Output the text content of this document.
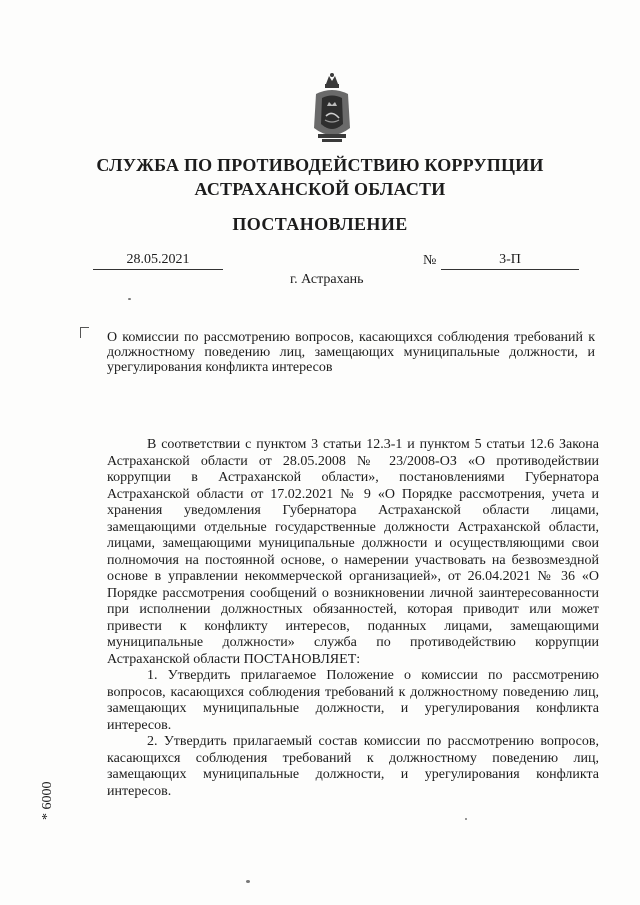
СЛУЖБА ПО ПРОТИВОДЕЙСТВИЮ КОРРУПЦИИ
АСТРАХАНСКОЙ ОБЛАСТИ
ПОСТАНОВЛЕНИЕ
28.05.2021	№	3-П
г. Астрахань
О комиссии по рассмотрению вопросов, касающихся соблюдения требований к должностному поведению лиц, замещающих муниципальные должности, и урегулирования конфликта интересов

В соответствии с пунктом 3 статьи 12.3-1 и пунктом 5 статьи 12.6 Закона Астраханской области от 28.05.2008 № 23/2008-ОЗ «О противодействии коррупции в Астраханской области», постановлениями Губернатора Астраханской области от 17.02.2021 № 9 «О Порядке рассмотрения, учета и хранения уведомления Губернатора Астраханской области лицами, замещающими отдельные государственные должности Астраханской области, лицами, замещающими муниципальные должности и осуществляющими свои полномочия на постоянной основе, о намерении участвовать на безвозмездной основе в управлении некоммерческой организацией», от 26.04.2021 № 36 «О Порядке рассмотрения сообщений о возникновении личной заинтересованности при исполнении должностных обязанностей, которая приводит или может привести к конфликту интересов, поданных лицами, замещающими муниципальные должности» служба по противодействию коррупции Астраханской области ПОСТАНОВЛЯЕТ:

1. Утвердить прилагаемое Положение о комиссии по рассмотрению вопросов, касающихся соблюдения требований к должностному поведению лиц, замещающих муниципальные должности, и урегулирования конфликта интересов.

2. Утвердить прилагаемый состав комиссии по рассмотрению вопросов, касающихся соблюдения требований к должностному поведению лиц, замещающих муниципальные должности, и урегулирования конфликта интересов.

* 6000
